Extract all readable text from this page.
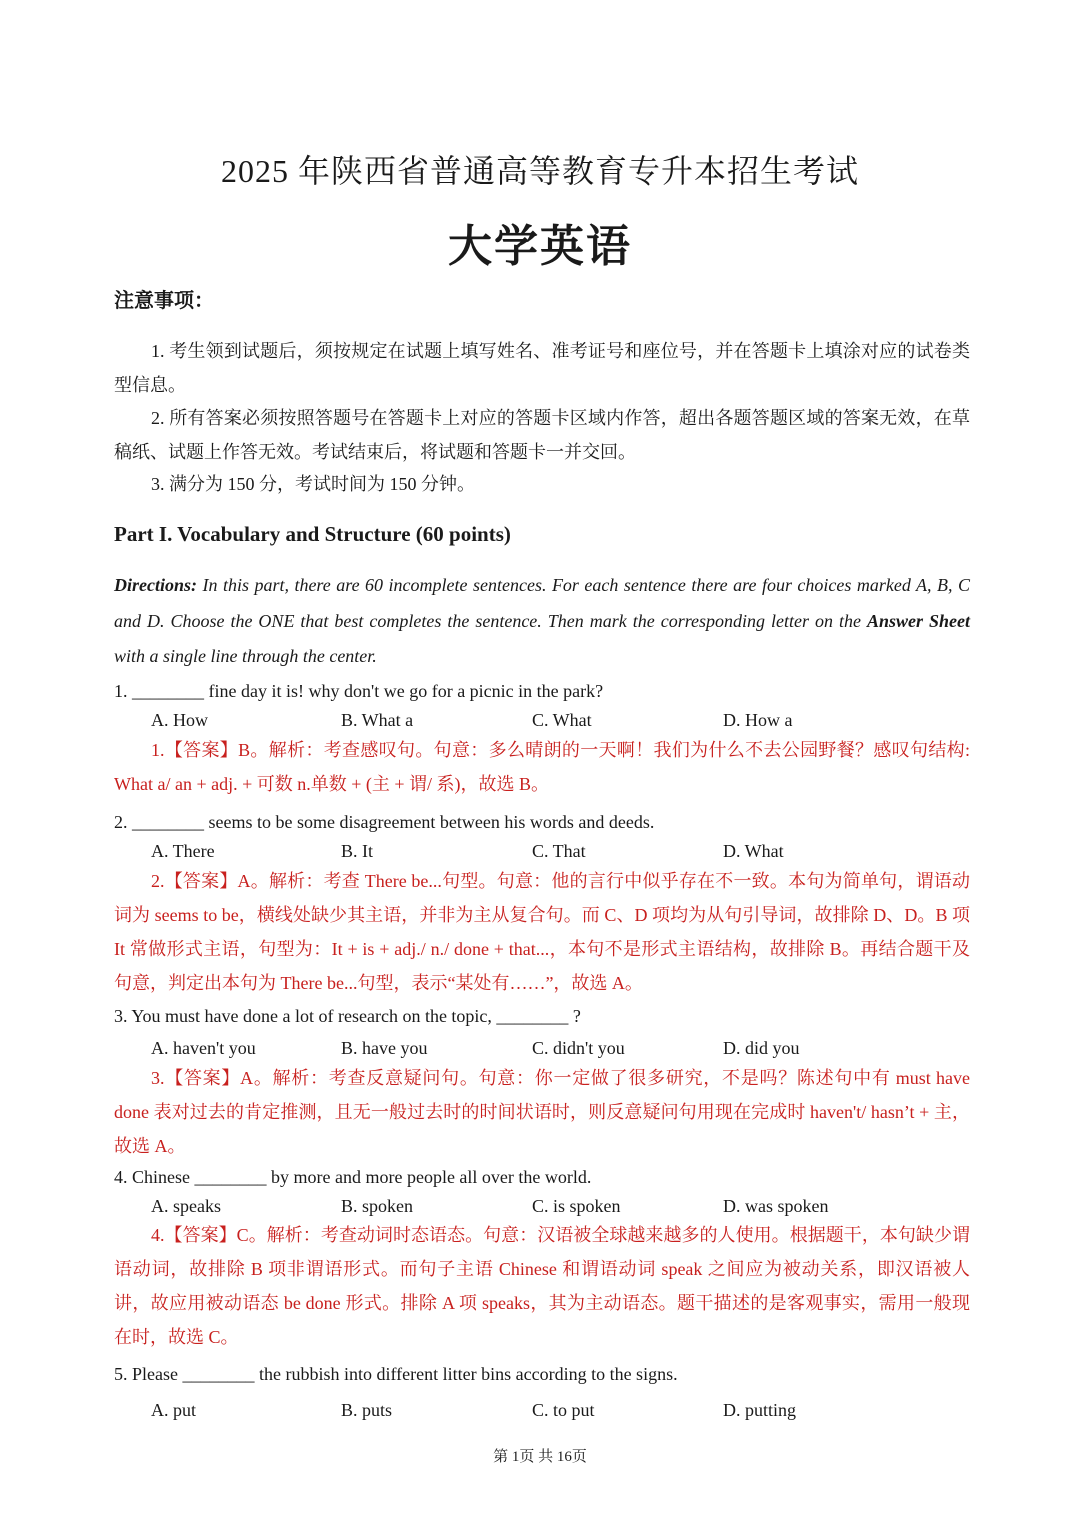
2025 年陕西省普通高等教育专升本招生考试
大学英语
注意事项：
1. 考生领到试题后，须按规定在试题上填写姓名、准考证号和座位号，并在答题卡上填涂对应的试卷类型信息。
2. 所有答案必须按照答题号在答题卡上对应的答题卡区域内作答，超出各题答题区域的答案无效，在草稿纸、试题上作答无效。考试结束后，将试题和答题卡一并交回。
3. 满分为 150 分，考试时间为 150 分钟。
Part I. Vocabulary and Structure (60 points)
Directions: In this part, there are 60 incomplete sentences. For each sentence there are four choices marked A, B, C and D. Choose the ONE that best completes the sentence. Then mark the corresponding letter on the Answer Sheet with a single line through the center.
1. ________ fine day it is! why don't we go for a picnic in the park?
A. How	B. What a	C. What	D. How a
1.【答案】B。解析：考查感叹句。句意：多么晴朗的一天啊！我们为什么不去公园野餐？感叹句结构: What a/ an + adj. + 可数 n.单数 + (主 + 谓/ 系)，故选 B。
2. ________ seems to be some disagreement between his words and deeds.
A. There	B. It	C. That	D. What
2.【答案】A。解析：考查 There be...句型。句意：他的言行中似乎存在不一致。本句为简单句，谓语动词为 seems to be，横线处缺少其主语，并非为主从复合句。而 C、D 项均为从句引导词，故排除 D、D。B 项 It 常做形式主语，句型为：It + is + adj./ n./ done + that...，本句不是形式主语结构，故排除 B。再结合题干及句意，判定出本句为 There be...句型，表示“某处有……”，故选 A。
3. You must have done a lot of research on the topic, ________ ?
A. haven't you	B. have you	C. didn't you	D. did you
3.【答案】A。解析：考查反意疑问句。句意：你一定做了很多研究，不是吗？陈述句中有 must have done 表对过去的肯定推测，且无一般过去时的时间状语时，则反意疑问句用现在完成时 haven't/ hasn’t + 主，故选 A。
4. Chinese ________ by more and more people all over the world.
A. speaks	B. spoken	C. is spoken	D. was spoken
4.【答案】C。解析：考查动词时态语态。句意：汉语被全球越来越多的人使用。根据题干，本句缺少谓语动词，故排除 B 项非谓语形式。而句子主语 Chinese 和谓语动词 speak 之间应为被动关系，即汉语被人讲，故应用被动语态 be done 形式。排除 A 项 speaks，其为主动语态。题干描述的是客观事实，需用一般现在时，故选 C。
5. Please ________ the rubbish into different litter bins according to the signs.
A. put	B. puts	C. to put	D. putting
第 1页 共 16页
